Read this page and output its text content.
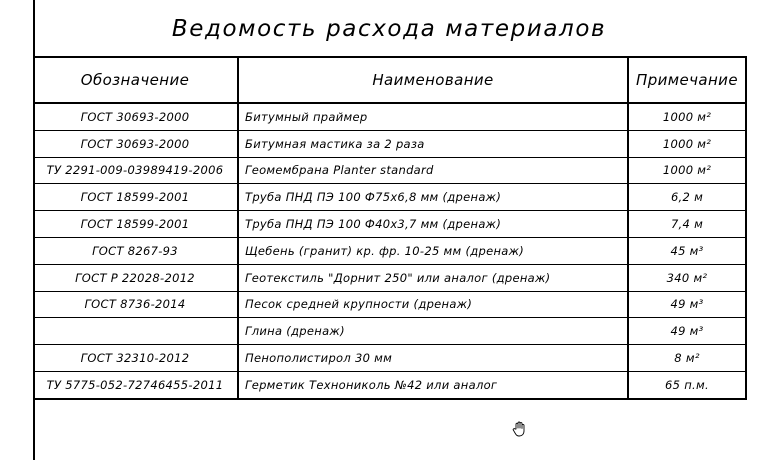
Ведомость расхода материалов
Обозначение	Наименование	Примечание
ГОСТ 30693-2000	Битумный праймер	1000 м²
ГОСТ 30693-2000	Битумная мастика за 2 раза	1000 м²
ТУ 2291-009-03989419-2006	Геомембрана Planter standard	1000 м²
ГОСТ 18599-2001	Труба ПНД ПЭ 100 Ф75х6,8 мм (дренаж)	6,2 м
ГОСТ 18599-2001	Труба ПНД ПЭ 100 Ф40х3,7 мм (дренаж)	7,4 м
ГОСТ 8267-93	Щебень (гранит) кр. фр. 10-25 мм (дренаж)	45 м³
ГОСТ Р 22028-2012	Геотекстиль "Дорнит 250" или аналог (дренаж)	340 м²
ГОСТ 8736-2014	Песок средней крупности (дренаж)	49 м³
	Глина (дренаж)	49 м³
ГОСТ 32310-2012	Пенополистирол 30 мм	8 м²
ТУ 5775-052-72746455-2011	Герметик Технониколь №42 или аналог	65 п.м.
